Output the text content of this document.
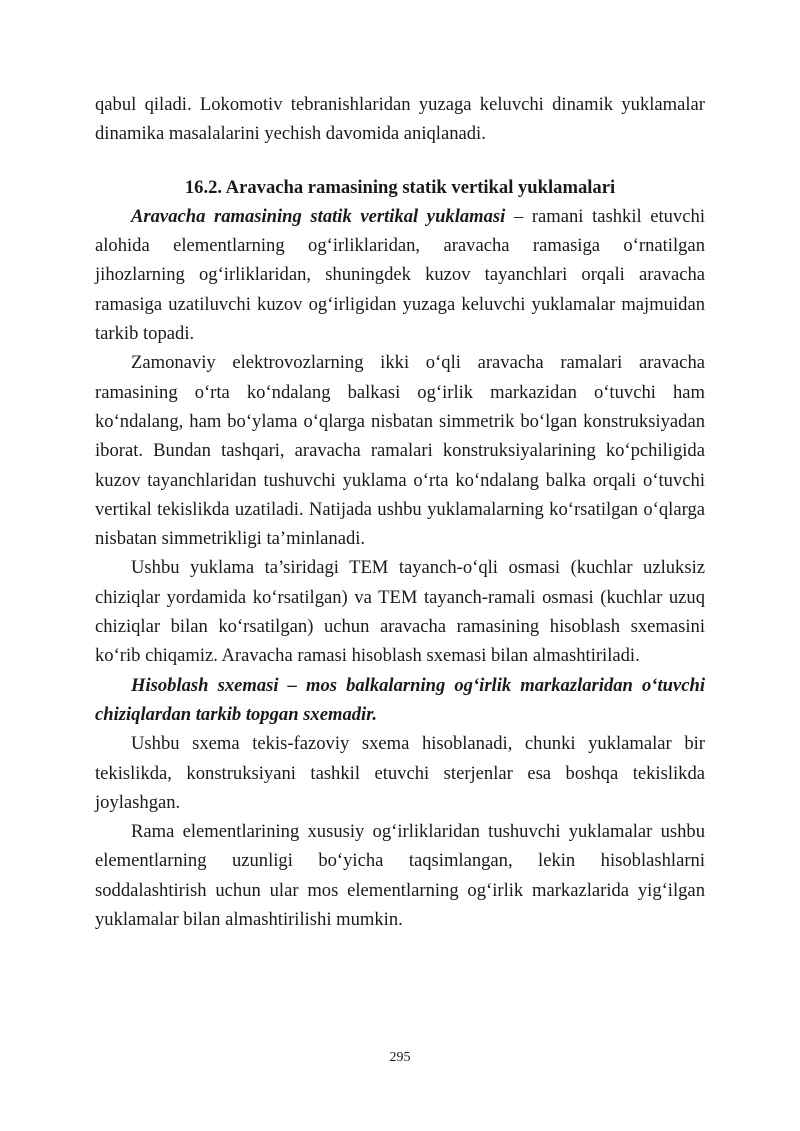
qabul qiladi. Lokomotiv tebranishlaridan yuzaga keluvchi dinamik yuklamalar dinamika masalalarini yechish davomida aniqlanadi.

16.2. Aravacha ramasining statik vertikal yuklamalari

Aravacha ramasining statik vertikal yuklamasi – ramani tashkil etuvchi alohida elementlarning og‘irliklaridan, aravacha ramasiga o‘rnatilgan jihozlarning og‘irliklaridan, shuningdek kuzov tayanchlari orqali aravacha ramasiga uzatiluvchi kuzov og‘irligidan yuzaga keluvchi yuklamalar majmuidan tarkib topadi.

Zamonaviy elektrovozlarning ikki o‘qli aravacha ramalari aravacha ramasining o‘rta ko‘ndalang balkasi og‘irlik markazidan o‘tuvchi ham ko‘ndalang, ham bo‘ylama o‘qlarga nisbatan simmetrik bo‘lgan konstruksiyadan iborat. Bundan tashqari, aravacha ramalari konstruksiyalarining ko‘pchiligida kuzov tayanchlaridan tushuvchi yuklama o‘rta ko‘ndalang balka orqali o‘tuvchi vertikal tekislikda uzatiladi. Natijada ushbu yuklamalarning ko‘rsatilgan o‘qlarga nisbatan simmetrikligi ta’minlanadi.

Ushbu yuklama ta’siridagi TEM tayanch-o‘qli osmasi (kuchlar uzluksiz chiziqlar yordamida ko‘rsatilgan) va TEM tayanch-ramali osmasi (kuchlar uzuq chiziqlar bilan ko‘rsatilgan) uchun aravacha ramasining hisoblash sxemasini ko‘rib chiqamiz. Aravacha ramasi hisoblash sxemasi bilan almashtiriladi.

Hisoblash sxemasi – mos balkalarning og‘irlik markazlaridan o‘tuvchi chiziqlardan tarkib topgan sxemadir.

Ushbu sxema tekis-fazoviy sxema hisoblanadi, chunki yuklamalar bir tekislikda, konstruksiyani tashkil etuvchi sterjenlar esa boshqa tekislikda joylashgan.

Rama elementlarining xususiy og‘irliklaridan tushuvchi yuklamalar ushbu elementlarning uzunligi bo‘yicha taqsimlangan, lekin hisoblashlarni soddalashtirish uchun ular mos elementlarning og‘irlik markazlarida yig‘ilgan yuklamalar bilan almashtirilishi mumkin.

295
